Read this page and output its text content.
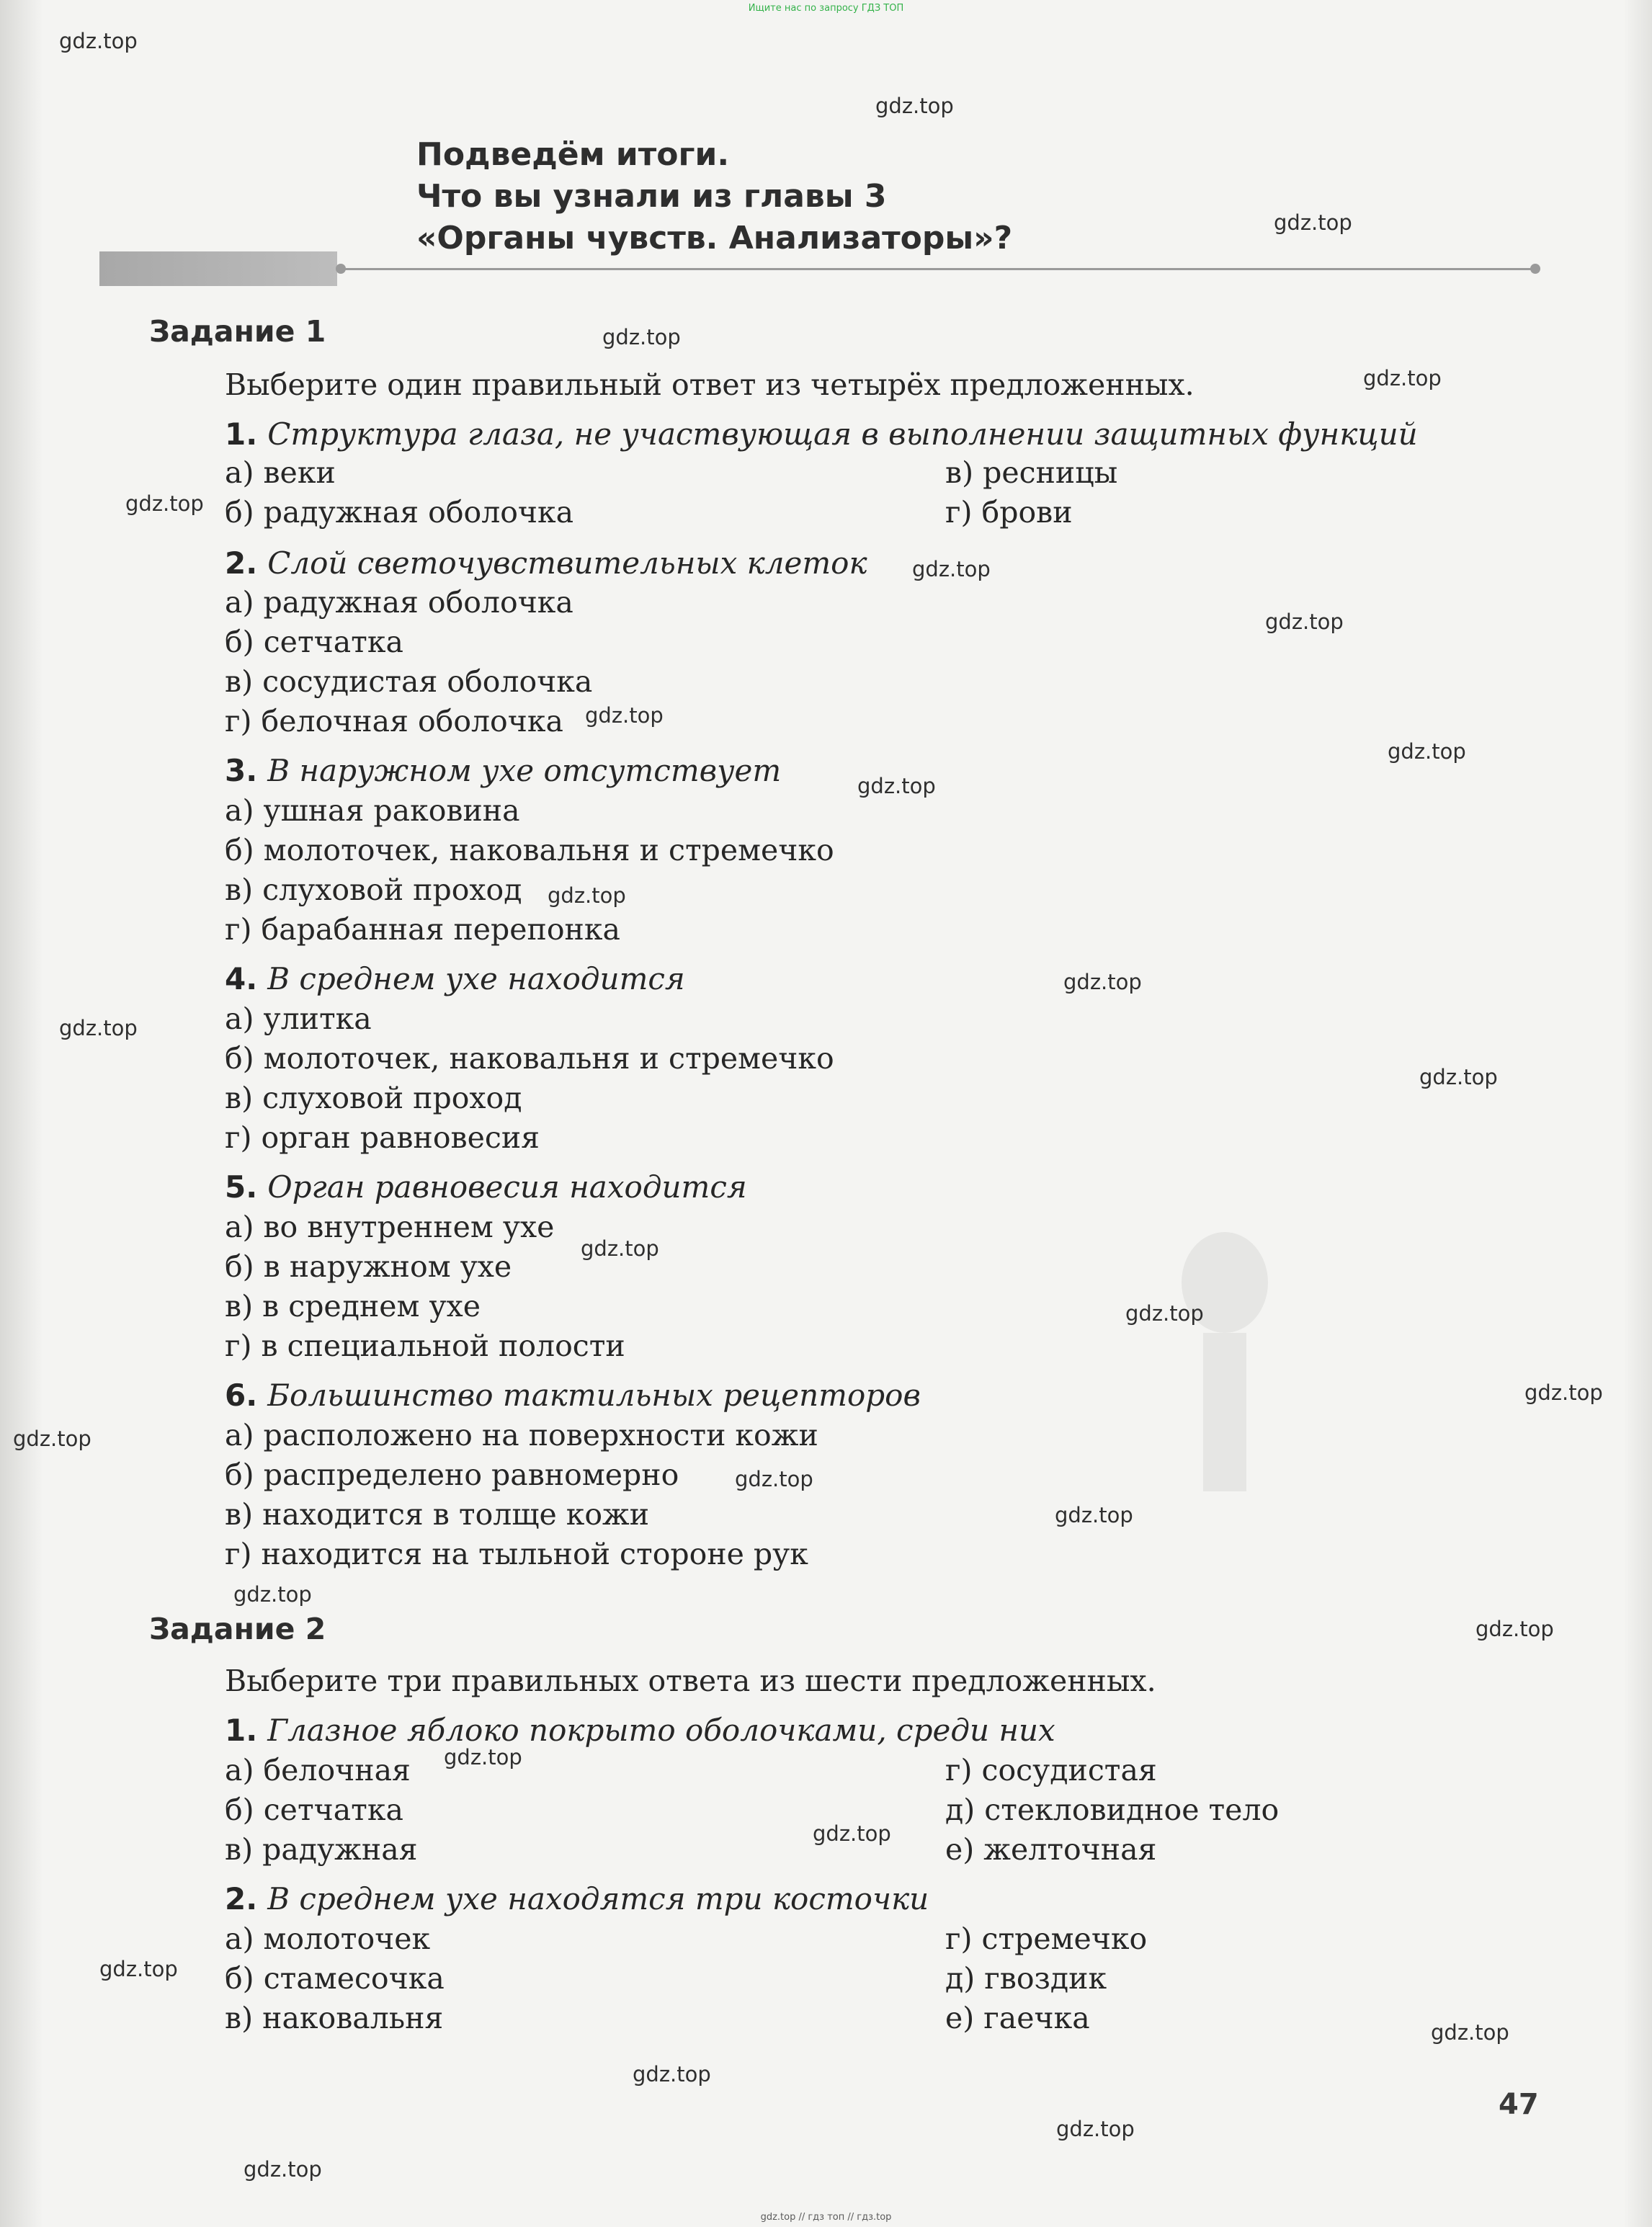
Ищите нас по запросу ГДЗ ТОП
Подведём итоги.
Что вы узнали из главы 3
«Органы чувств. Анализаторы»?
Задание 1
Выберите один правильный ответ из четырёх предложенных.
1. Структура глаза, не участвующая в выполнении защитных функций
а) веки
б) радужная оболочка
в) ресницы
г) брови
2. Слой светочувствительных клеток
а) радужная оболочка
б) сетчатка
в) сосудистая оболочка
г) белочная оболочка
3. В наружном ухе отсутствует
а) ушная раковина
б) молоточек, наковальня и стремечко
в) слуховой проход
г) барабанная перепонка
4. В среднем ухе находится
а) улитка
б) молоточек, наковальня и стремечко
в) слуховой проход
г) орган равновесия
5. Орган равновесия находится
а) во внутреннем ухе
б) в наружном ухе
в) в среднем ухе
г) в специальной полости
6. Большинство тактильных рецепторов
а) расположено на поверхности кожи
б) распределено равномерно
в) находится в толще кожи
г) находится на тыльной стороне рук
Задание 2
Выберите три правильных ответа из шести предложенных.
1. Глазное яблоко покрыто оболочками, среди них
а) белочная
б) сетчатка
в) радужная
г) сосудистая
д) стекловидное тело
е) желточная
2. В среднем ухе находятся три косточки
а) молоточек
б) стамесочка
в) наковальня
г) стремечко
д) гвоздик
е) гаечка
47
gdz.top
gdz.top
gdz.top
gdz.top
gdz.top
gdz.top
gdz.top
gdz.top
gdz.top
gdz.top
gdz.top
gdz.top
gdz.top
gdz.top
gdz.top
gdz.top
gdz.top
gdz.top
gdz.top
gdz.top
gdz.top
gdz.top
gdz.top
gdz.top
gdz.top
gdz.top
gdz.top
gdz.top
gdz.top
gdz.top
gdz.top // гдз топ // гдз.top
